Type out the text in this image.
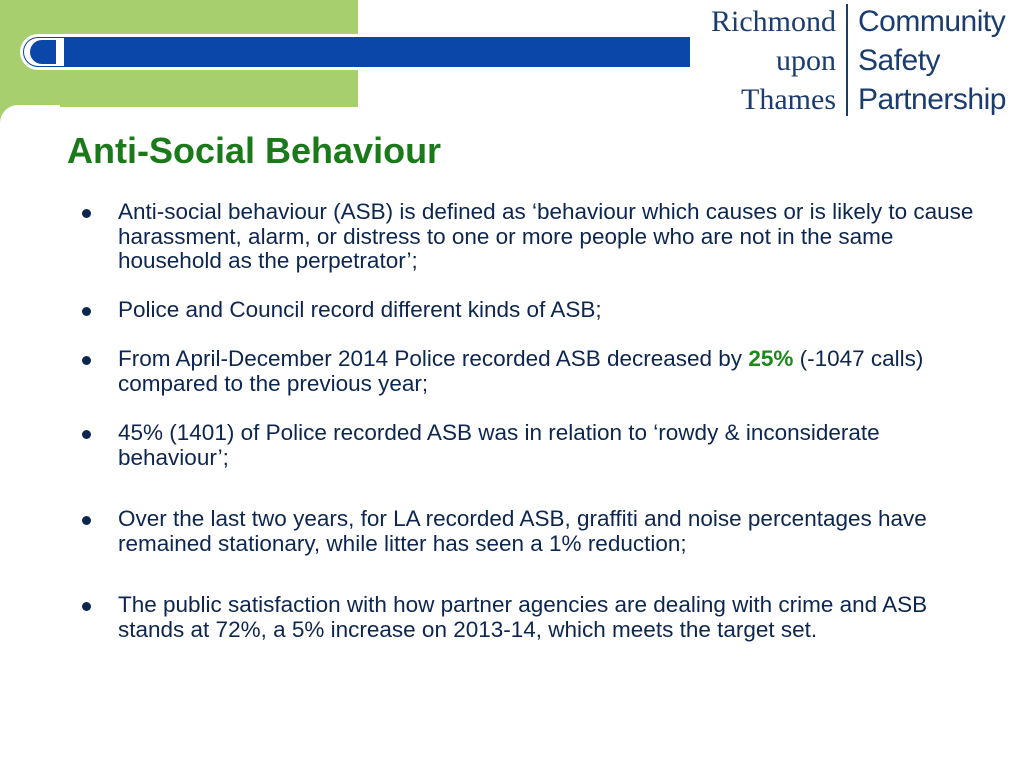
Richmond
upon
Thames
Community
Safety
Partnership
Anti-Social Behaviour
Anti-social behaviour (ASB) is defined as ‘behaviour which causes or is likely to cause harassment, alarm, or distress to one or more people who are not in the same household as the perpetrator’;
Police and Council record different kinds of ASB;
From April-December 2014 Police recorded ASB decreased by 25% (-1047 calls) compared to the previous year;
45% (1401) of Police recorded ASB was in relation to ‘rowdy & inconsiderate behaviour’;
Over the last two years, for LA recorded ASB, graffiti and noise percentages have remained stationary, while litter has seen a 1% reduction;
The public satisfaction with how partner agencies are dealing with crime and ASB stands at 72%, a 5% increase on 2013-14, which meets the target set.
